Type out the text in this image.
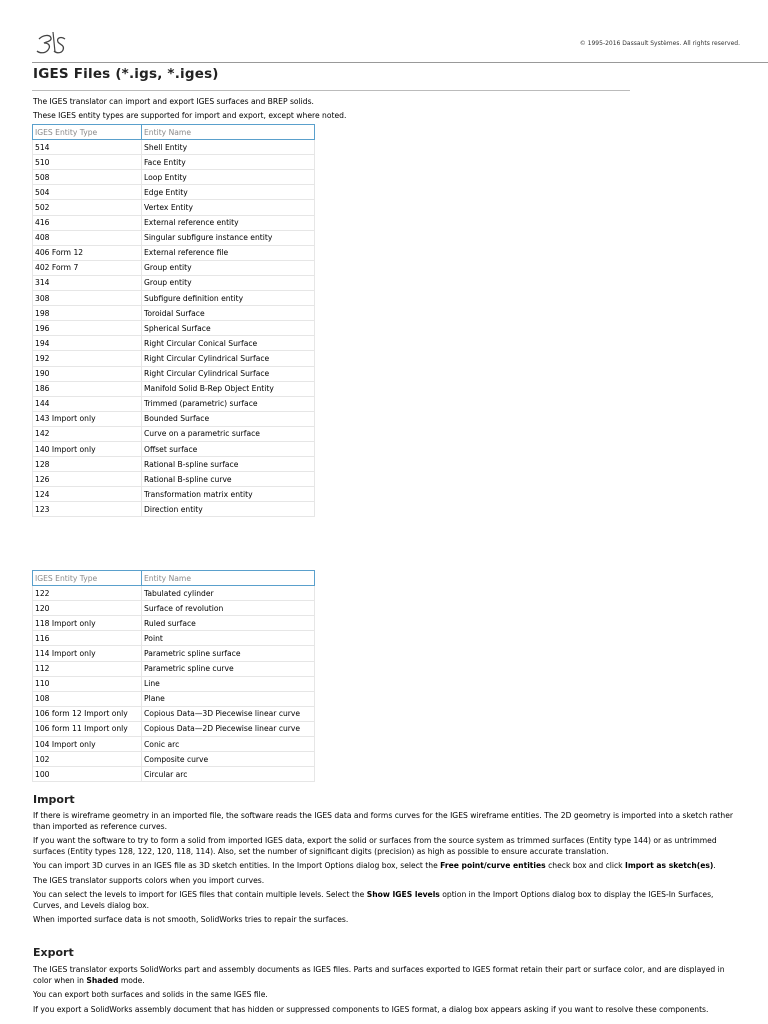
© 1995-2016 Dassault Systèmes. All rights reserved.
IGES Files (*.igs, *.iges)

The IGES translator can import and export IGES surfaces and BREP solids.

These IGES entity types are supported for import and export, except where noted.

IGES Entity Type	Entity Name
514	Shell Entity
510	Face Entity
508	Loop Entity
504	Edge Entity
502	Vertex Entity
416	External reference entity
408	Singular subfigure instance entity
406 Form 12	External reference file
402 Form 7	Group entity
314	Group entity
308	Subfigure definition entity
198	Toroidal Surface
196	Spherical Surface
194	Right Circular Conical Surface
192	Right Circular Cylindrical Surface
190	Right Circular Cylindrical Surface
186	Manifold Solid B-Rep Object Entity
144	Trimmed (parametric) surface
143 Import only	Bounded Surface
142	Curve on a parametric surface
140 Import only	Offset surface
128	Rational B-spline surface
126	Rational B-spline curve
124	Transformation matrix entity
123	Direction entity
IGES Entity Type	Entity Name
122	Tabulated cylinder
120	Surface of revolution
118 Import only	Ruled surface
116	Point
114 Import only	Parametric spline surface
112	Parametric spline curve
110	Line
108	Plane
106 form 12 Import only	Copious Data—3D Piecewise linear curve
106 form 11 Import only	Copious Data—2D Piecewise linear curve
104 Import only	Conic arc
102	Composite curve
100	Circular arc
Import

If there is wireframe geometry in an imported file, the software reads the IGES data and forms curves for the IGES wireframe entities. The 2D geometry is imported into a sketch rather than imported as reference curves.

If you want the software to try to form a solid from imported IGES data, export the solid or surfaces from the source system as trimmed surfaces (Entity type 144) or as untrimmed surfaces (Entity types 128, 122, 120, 118, 114). Also, set the number of significant digits (precision) as high as possible to ensure accurate translation.

You can import 3D curves in an IGES file as 3D sketch entities. In the Import Options dialog box, select the Free point/curve entities check box and click Import as sketch(es).

The IGES translator supports colors when you import curves.

You can select the levels to import for IGES files that contain multiple levels. Select the Show IGES levels option in the Import Options dialog box to display the IGES-In Surfaces, Curves, and Levels dialog box.

When imported surface data is not smooth, SolidWorks tries to repair the surfaces.

Export

The IGES translator exports SolidWorks part and assembly documents as IGES files. Parts and surfaces exported to IGES format retain their part or surface color, and are displayed in color when in Shaded mode.

You can export both surfaces and solids in the same IGES file.

If you export a SolidWorks assembly document that has hidden or suppressed components to IGES format, a dialog box appears asking if you want to resolve these components.
